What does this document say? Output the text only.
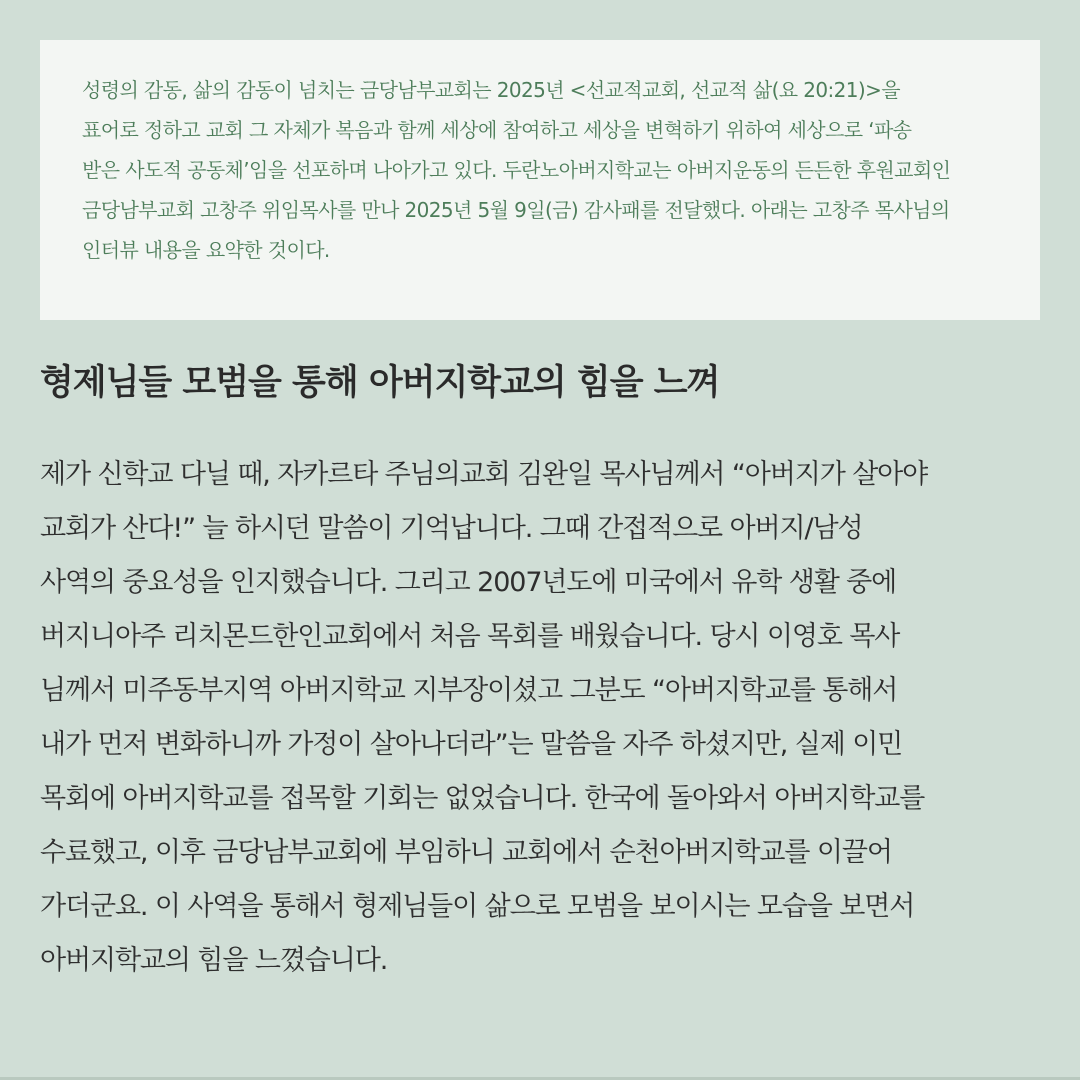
성령의 감동, 삶의 감동이 넘치는 금당남부교회는 2025년 <선교적교회, 선교적 삶(요 20:21)>을
표어로 정하고 교회 그 자체가 복음과 함께 세상에 참여하고 세상을 변혁하기 위하여 세상으로 ‘파송
받은 사도적 공동체’임을 선포하며 나아가고 있다. 두란노아버지학교는 아버지운동의 든든한 후원교회인
금당남부교회 고창주 위임목사를 만나 2025년 5월 9일(금) 감사패를 전달했다. 아래는 고창주 목사님의
인터뷰 내용을 요약한 것이다.
형제님들 모범을 통해 아버지학교의 힘을 느껴
제가 신학교 다닐 때, 자카르타 주님의교회 김완일 목사님께서 “아버지가 살아야
교회가 산다!” 늘 하시던 말씀이 기억납니다. 그때 간접적으로 아버지/남성
사역의 중요성을 인지했습니다. 그리고 2007년도에 미국에서 유학 생활 중에
버지니아주 리치몬드한인교회에서 처음 목회를 배웠습니다. 당시 이영호 목사
님께서 미주동부지역 아버지학교 지부장이셨고 그분도 “아버지학교를 통해서
내가 먼저 변화하니까 가정이 살아나더라”는 말씀을 자주 하셨지만, 실제 이민
목회에 아버지학교를 접목할 기회는 없었습니다. 한국에 돌아와서 아버지학교를
수료했고, 이후 금당남부교회에 부임하니 교회에서 순천아버지학교를 이끌어
가더군요. 이 사역을 통해서 형제님들이 삶으로 모범을 보이시는 모습을 보면서
아버지학교의 힘을 느꼈습니다.
